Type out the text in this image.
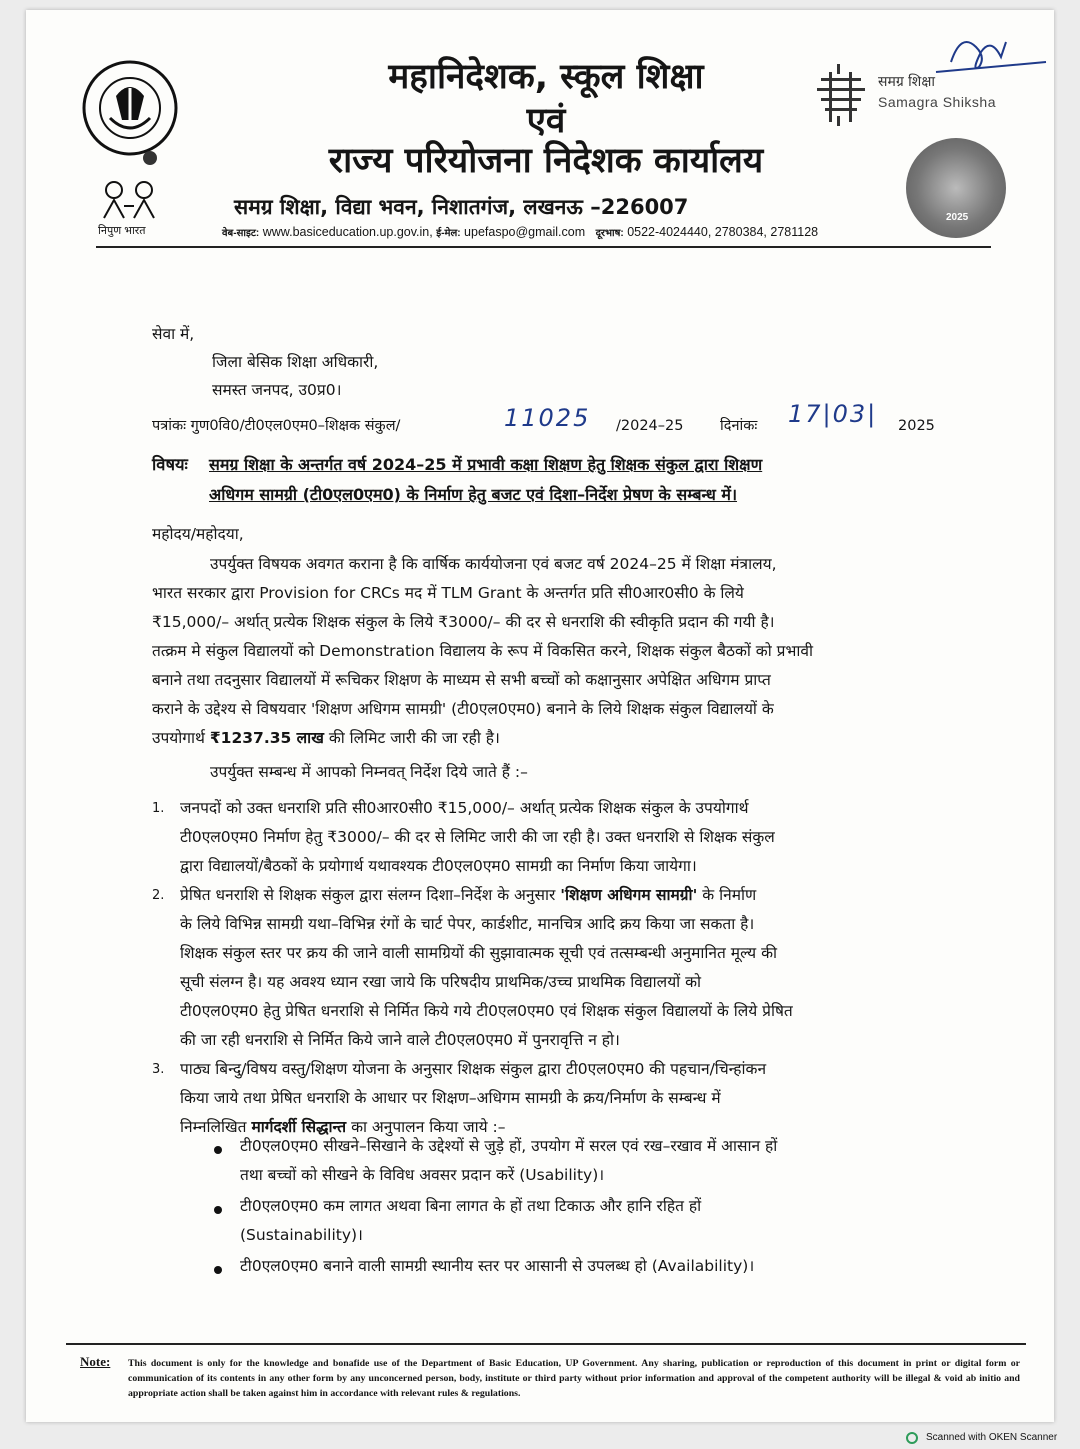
निपुण भारत
महानिदेशक, स्कूल शिक्षा
एवं
राज्य परियोजना निदेशक कार्यालय
समग्र शिक्षा, विद्या भवन, निशातगंज, लखनऊ –226007
वेब-साइट: www.basiceducation.up.gov.in, ई-मेल: upefaspo@gmail.com दूरभाष: 0522-4024440, 2780384, 2781128
समग्र शिक्षा
Samagra Shiksha
2025
सेवा में,
जिला बेसिक शिक्षा अधिकारी,
समस्त जनपद, उ0प्र0।
पत्रांकः गुण0वि0/टी0एल0एम0–शिक्षक संकुल/	11025 /2024–25	दिनांकः 17|03| 2025
विषयः समग्र शिक्षा के अन्तर्गत वर्ष 2024–25 में प्रभावी कक्षा शिक्षण हेतु शिक्षक संकुल द्वारा शिक्षण
अधिगम सामग्री (टी0एल0एम0) के निर्माण हेतु बजट एवं दिशा–निर्देश प्रेषण के सम्बन्ध में।
महोदय/महोदया,
उपर्युक्त विषयक अवगत कराना है कि वार्षिक कार्ययोजना एवं बजट वर्ष 2024–25 में शिक्षा मंत्रालय,
भारत सरकार द्वारा Provision for CRCs मद में TLM Grant के अन्तर्गत प्रति सी0आर0सी0 के लिये
₹15,000/– अर्थात् प्रत्येक शिक्षक संकुल के लिये ₹3000/– की दर से धनराशि की स्वीकृति प्रदान की गयी है।
तत्क्रम मे संकुल विद्यालयों को Demonstration विद्यालय के रूप में विकसित करने, शिक्षक संकुल बैठकों को प्रभावी
बनाने तथा तदनुसार विद्यालयों में रूचिकर शिक्षण के माध्यम से सभी बच्चों को कक्षानुसार अपेक्षित अधिगम प्राप्त
कराने के उद्देश्य से विषयवार 'शिक्षण अधिगम सामग्री' (टी0एल0एम0) बनाने के लिये शिक्षक संकुल विद्यालयों के
उपयोगार्थ ₹1237.35 लाख की लिमिट जारी की जा रही है।
उपर्युक्त सम्बन्ध में आपको निम्नवत् निर्देश दिये जाते हैं :–
1. जनपदों को उक्त धनराशि प्रति सी0आर0सी0 ₹15,000/– अर्थात् प्रत्येक शिक्षक संकुल के उपयोगार्थ
टी0एल0एम0 निर्माण हेतु ₹3000/– की दर से लिमिट जारी की जा रही है। उक्त धनराशि से शिक्षक संकुल
द्वारा विद्यालयों/बैठकों के प्रयोगार्थ यथावश्यक टी0एल0एम0 सामग्री का निर्माण किया जायेगा।
2. प्रेषित धनराशि से शिक्षक संकुल द्वारा संलग्न दिशा–निर्देश के अनुसार 'शिक्षण अधिगम सामग्री' के निर्माण
के लिये विभिन्न सामग्री यथा–विभिन्न रंगों के चार्ट पेपर, कार्डशीट, मानचित्र आदि क्रय किया जा सकता है।
शिक्षक संकुल स्तर पर क्रय की जाने वाली सामग्रियों की सुझावात्मक सूची एवं तत्सम्बन्धी अनुमानित मूल्य की
सूची संलग्न है। यह अवश्य ध्यान रखा जाये कि परिषदीय प्राथमिक/उच्च प्राथमिक विद्यालयों को
टी0एल0एम0 हेतु प्रेषित धनराशि से निर्मित किये गये टी0एल0एम0 एवं शिक्षक संकुल विद्यालयों के लिये प्रेषित
की जा रही धनराशि से निर्मित किये जाने वाले टी0एल0एम0 में पुनरावृत्ति न हो।
3. पाठ्य बिन्दु/विषय वस्तु/शिक्षण योजना के अनुसार शिक्षक संकुल द्वारा टी0एल0एम0 की पहचान/चिन्हांकन
किया जाये तथा प्रेषित धनराशि के आधार पर शिक्षण–अधिगम सामग्री के क्रय/निर्माण के सम्बन्ध में
निम्नलिखित मार्गदर्शी सिद्धान्त का अनुपालन किया जाये :–
टी0एल0एम0 सीखने–सिखाने के उद्देश्यों से जुड़े हों, उपयोग में सरल एवं रख–रखाव में आसान हों
तथा बच्चों को सीखने के विविध अवसर प्रदान करें (Usability)।
टी0एल0एम0 कम लागत अथवा बिना लागत के हों तथा टिकाऊ और हानि रहित हों
(Sustainability)।
टी0एल0एम0 बनाने वाली सामग्री स्थानीय स्तर पर आसानी से उपलब्ध हो (Availability)।
Note: This document is only for the knowledge and bonafide use of the Department of Basic Education, UP Government. Any sharing, publication or reproduction of this document in print or digital form or communication of its contents in any other form by any unconcerned person, body, institute or third party without prior information and approval of the competent authority will be illegal & void ab initio and appropriate action shall be taken against him in accordance with relevant rules & regulations.
Scanned with OKEN Scanner
